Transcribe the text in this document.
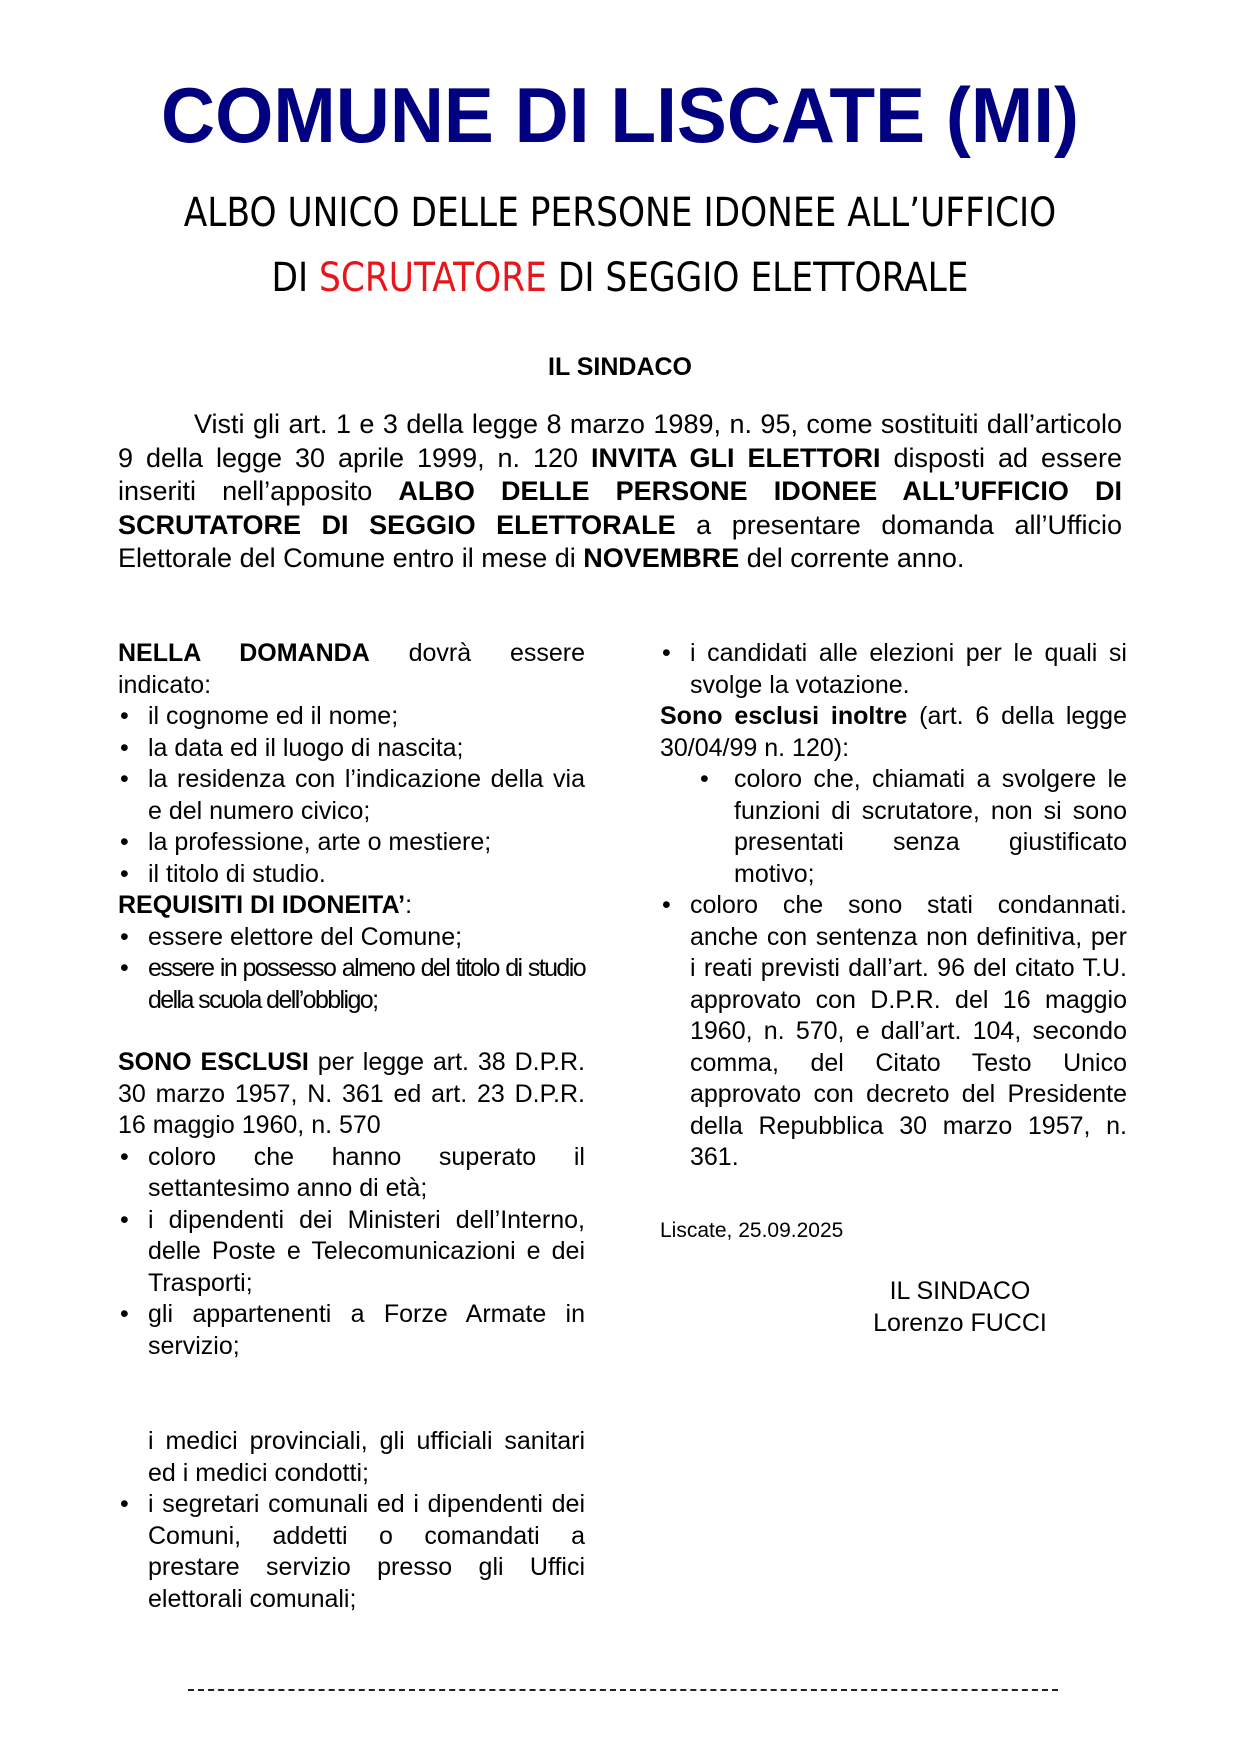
COMUNE DI LISCATE (MI)
ALBO UNICO DELLE PERSONE IDONEE ALL’UFFICIO
DI SCRUTATORE DI SEGGIO ELETTORALE
IL SINDACO
Visti gli art. 1 e 3 della legge 8 marzo 1989, n. 95, come sostituiti dall’articolo 9 della legge 30 aprile 1999, n. 120 INVITA GLI ELETTORI disposti ad essere inseriti nell’apposito ALBO DELLE PERSONE IDONEE ALL’UFFICIO DI SCRUTATORE DI SEGGIO ELETTORALE a presentare domanda all’Ufficio Elettorale del Comune entro il mese di NOVEMBRE del corrente anno.

NELLA DOMANDA dovrà essere indicato:

• il cognome ed il nome;
• la data ed il luogo di nascita;
• la residenza con l’indicazione della via e del numero civico;
• la professione, arte o mestiere;
• il titolo di studio.

REQUISITI DI IDONEITA’:

• essere elettore del Comune;
• essere in possesso almeno del titolo di studio della scuola dell’obbligo;

SONO ESCLUSI per legge art. 38 D.P.R. 30 marzo 1957, N. 361 ed art. 23 D.P.R. 16 maggio 1960, n. 570

• coloro che hanno superato il settantesimo anno di età;
• i dipendenti dei Ministeri dell’Interno, delle Poste e Telecomunicazioni e dei Trasporti;
• gli appartenenti a Forze Armate in servizio;
i medici provinciali, gli ufficiali sanitari ed i medici condotti;
• i segretari comunali ed i dipendenti dei Comuni, addetti o comandati a prestare servizio presso gli Uffici elettorali comunali;
• i candidati alle elezioni per le quali si svolge la votazione.

Sono esclusi inoltre (art. 6 della legge 30/04/99 n. 120):

• coloro che, chiamati a svolgere le funzioni di scrutatore, non si sono presentati senza giustificato motivo;
• coloro che sono stati condannati. anche con sentenza non definitiva, per i reati previsti dall’art. 96 del citato T.U. approvato con D.P.R. del 16 maggio 1960, n. 570, e dall’art. 104, secondo comma, del Citato Testo Unico approvato con decreto del Presidente della Repubblica 30 marzo 1957, n. 361.
Liscate, 25.09.2025
IL SINDACO
Lorenzo FUCCI
